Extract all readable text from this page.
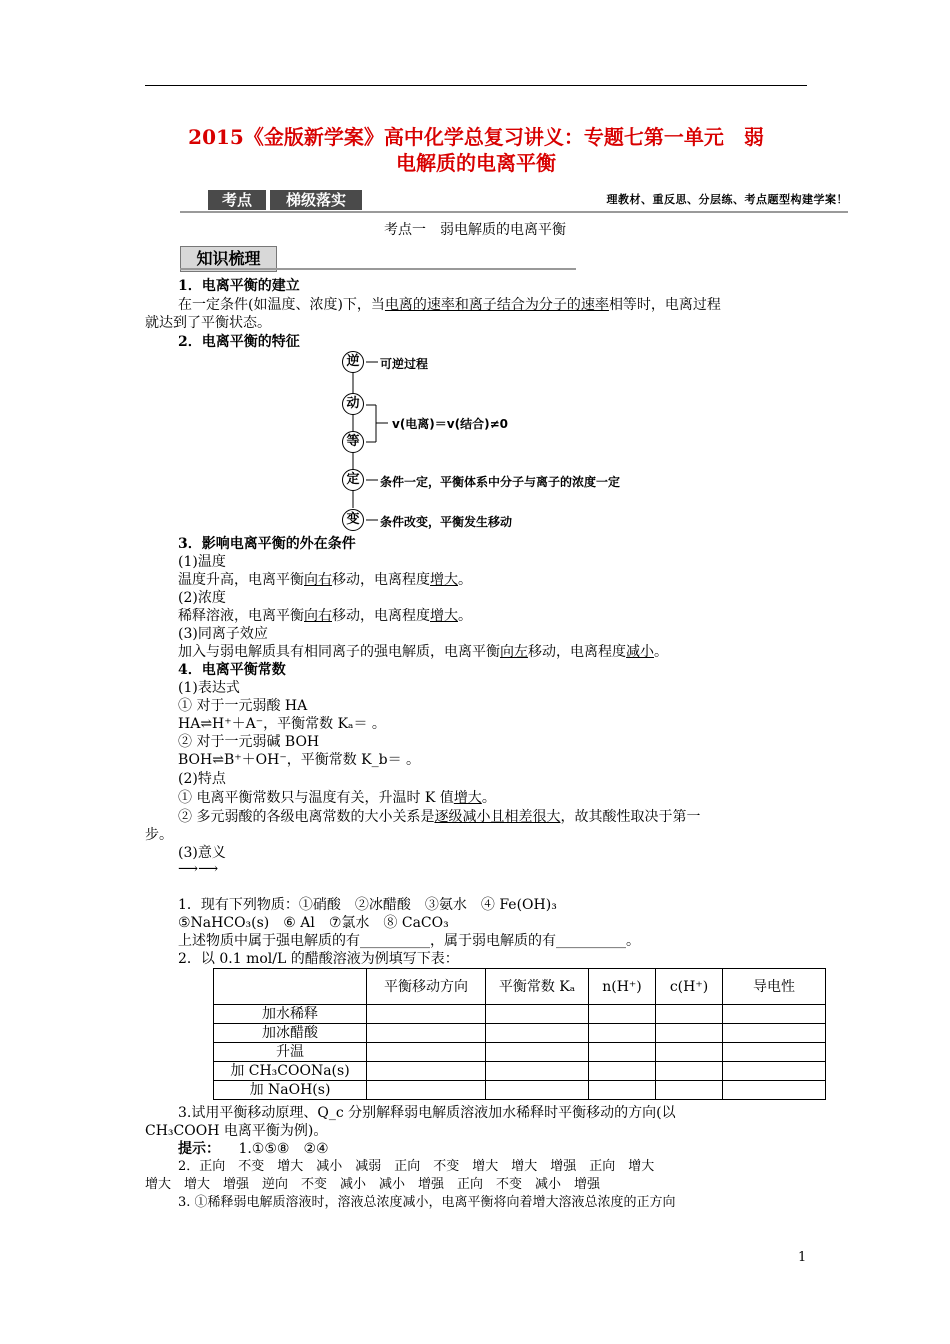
2015《金版新学案》高中化学总复习讲义：专题七第一单元　弱
电解质的电离平衡
考点	梯级落实	理教材、重反思、分层练、考点题型构建学案！
考点一　弱电解质的电离平衡
知识梳理
1．电离平衡的建立
在一定条件(如温度、浓度)下，当电离的速率和离子结合为分子的速率相等时，电离过程
就达到了平衡状态。
2．电离平衡的特征
逆
动
等
定
变
可逆过程
v(电离)＝v(结合)≠0
条件一定，平衡体系中分子与离子的浓度一定
条件改变，平衡发生移动
3．影响电离平衡的外在条件
(1)温度
温度升高，电离平衡向右移动，电离程度增大。
(2)浓度
稀释溶液，电离平衡向右移动，电离程度增大。
(3)同离子效应
加入与弱电解质具有相同离子的强电解质，电离平衡向左移动，电离程度减小。
4．电离平衡常数
(1)表达式
① 对于一元弱酸 HA
HA⇌H⁺＋A⁻，平衡常数 Kₐ＝ 。
② 对于一元弱碱 BOH
BOH⇌B⁺＋OH⁻，平衡常数 K_b＝ 。
(2)特点
① 电离平衡常数只与温度有关，升温时 K 值增大。
② 多元弱酸的各级电离常数的大小关系是逐级减小且相差很大，故其酸性取决于第一
步。
(3)意义
⟶⟶
1．现有下列物质：①硝酸　②冰醋酸　③氨水　④ Fe(OH)₃
⑤NaHCO₃(s)　⑥ Al　⑦氯水　⑧ CaCO₃
上述物质中属于强电解质的有__________，属于弱电解质的有__________。
2．以 0.1 mol/L 的醋酸溶液为例填写下表：
	平衡移动方向	平衡常数 Kₐ	n(H⁺)	c(H⁺)	导电性
加水稀释					
加冰醋酸					
升温					
加 CH₃COONa(s)					
加 NaOH(s)					
3.试用平衡移动原理、Q_c 分别解释弱电解质溶液加水稀释时平衡移动的方向(以
CH₃COOH 电离平衡为例)。
提示： 1.①⑤⑧　②④
2．正向　不变　增大　减小　减弱　正向　不变　增大　增大　增强　正向　增大
增大　增大　增强　逆向　不变　减小　减小　增强　正向　不变　减小　增强
3. ①稀释弱电解质溶液时，溶液总浓度减小，电离平衡将向着增大溶液总浓度的正方向
1
